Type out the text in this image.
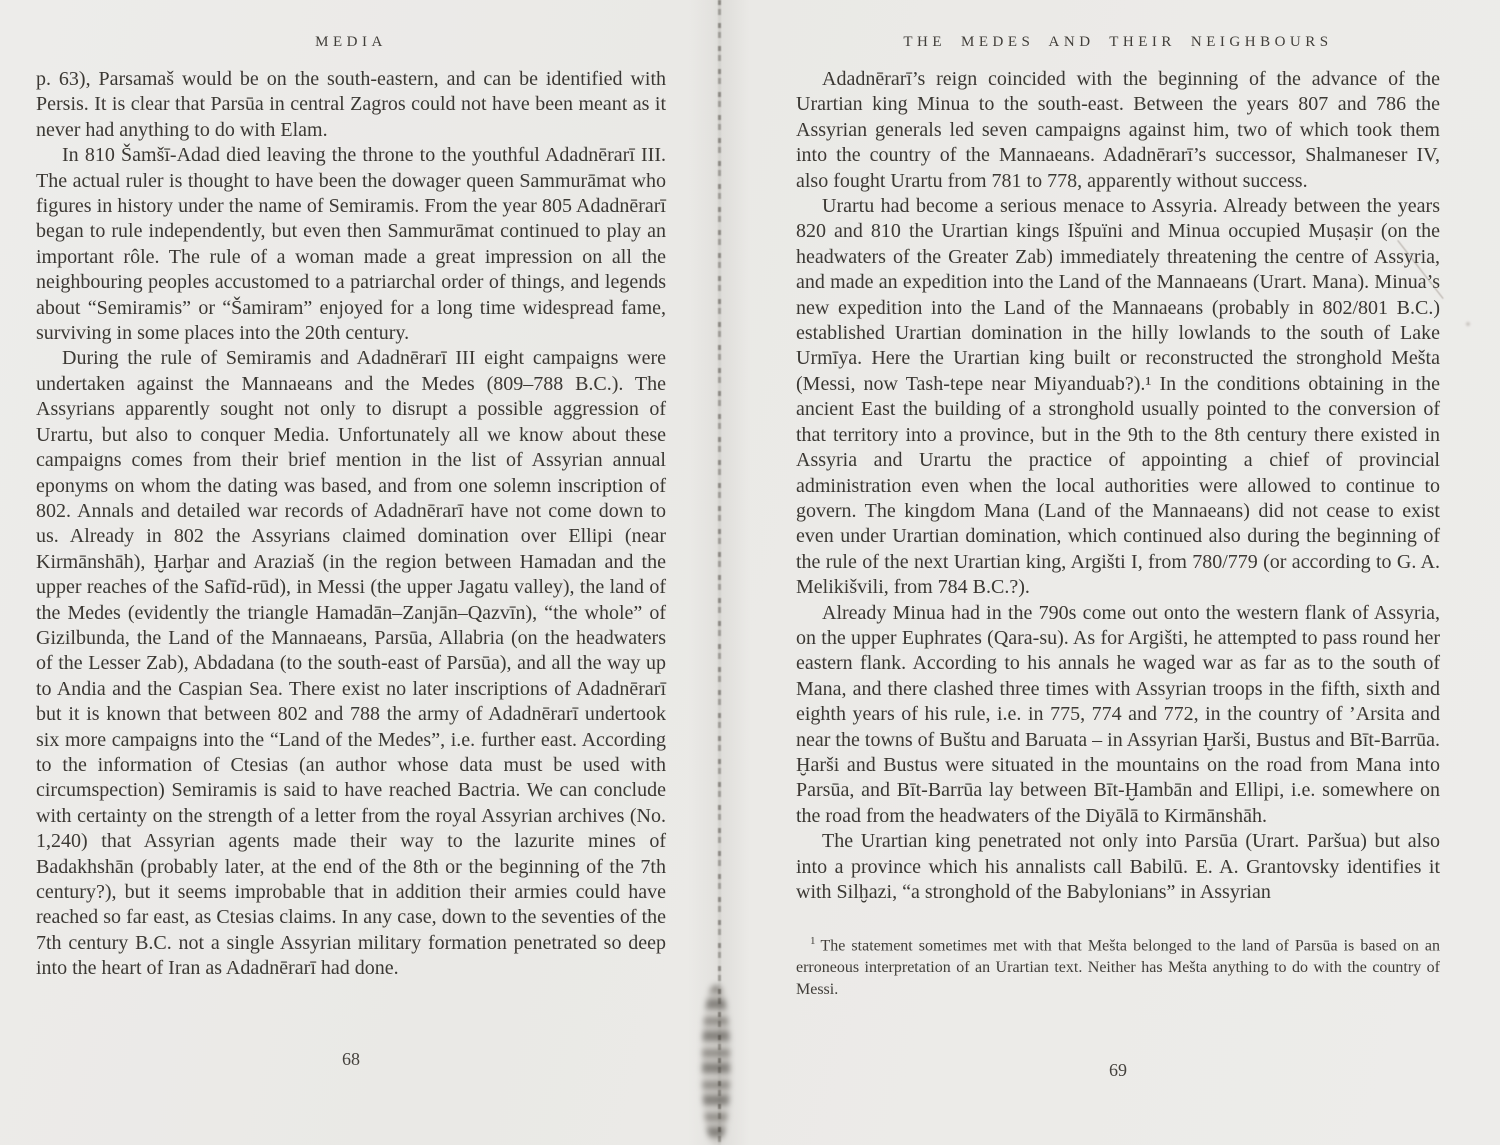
MEDIA

p. 63), Parsamaš would be on the south-eastern, and can be identified with Persis. It is clear that Parsūa in central Zagros could not have been meant as it never had anything to do with Elam.

In 810 Šamšī-Adad died leaving the throne to the youthful Adadnērarī III. The actual ruler is thought to have been the dowager queen Sammurāmat who figures in history under the name of Semiramis. From the year 805 Adadnērarī began to rule independently, but even then Sammurāmat continued to play an important rôle. The rule of a woman made a great impression on all the neighbouring peoples accustomed to a patriarchal order of things, and legends about “Semiramis” or “Šamiram” enjoyed for a long time widespread fame, surviving in some places into the 20th century.

During the rule of Semiramis and Adadnērarī III eight campaigns were undertaken against the Mannaeans and the Medes (809–788 B.C.). The Assyrians apparently sought not only to disrupt a possible aggression of Urartu, but also to conquer Media. Unfortunately all we know about these campaigns comes from their brief mention in the list of Assyrian annual eponyms on whom the dating was based, and from one solemn inscription of 802. Annals and detailed war records of Adadnērarī have not come down to us. Already in 802 the Assyrians claimed domination over Ellipi (near Kirmānshāh), Ḫarḫar and Araziaš (in the region between Hamadan and the upper reaches of the Safīd-rūd), in Messi (the upper Jagatu valley), the land of the Medes (evidently the triangle Hamadān–Zanjān–Qazvīn), “the whole” of Gizilbunda, the Land of the Mannaeans, Parsūa, Allabria (on the headwaters of the Lesser Zab), Abdadana (to the south-east of Parsūa), and all the way up to Andia and the Caspian Sea. There exist no later inscriptions of Adadnērarī but it is known that between 802 and 788 the army of Adadnērarī undertook six more campaigns into the “Land of the Medes”, i.e. further east. According to the information of Ctesias (an author whose data must be used with circumspection) Semiramis is said to have reached Bactria. We can conclude with certainty on the strength of a letter from the royal Assyrian archives (No. 1,240) that Assyrian agents made their way to the lazurite mines of Badakhshān (probably later, at the end of the 8th or the beginning of the 7th century?), but it seems improbable that in addition their armies could have reached so far east, as Ctesias claims. In any case, down to the seventies of the 7th century B.C. not a single Assyrian military formation penetrated so deep into the heart of Iran as Adadnērarī had done.

68
THE MEDES AND THEIR NEIGHBOURS

Adadnērarī’s reign coincided with the beginning of the advance of the Urartian king Minua to the south-east. Between the years 807 and 786 the Assyrian generals led seven campaigns against him, two of which took them into the country of the Mannaeans. Adadnērarī’s successor, Shalmaneser IV, also fought Urartu from 781 to 778, apparently without success.

Urartu had become a serious menace to Assyria. Already between the years 820 and 810 the Urartian kings Išpuïni and Minua occupied Muṣaṣir (on the headwaters of the Greater Zab) immediately threatening the centre of Assyria, and made an expedition into the Land of the Mannaeans (Urart. Mana). Minua’s new expedition into the Land of the Mannaeans (probably in 802/801 B.C.) established Urartian domination in the hilly lowlands to the south of Lake Urmīya. Here the Urartian king built or reconstructed the stronghold Mešta (Messi, now Tash-tepe near Miyanduab?).¹ In the conditions obtaining in the ancient East the building of a stronghold usually pointed to the conversion of that territory into a province, but in the 9th to the 8th century there existed in Assyria and Urartu the practice of appointing a chief of provincial administration even when the local authorities were allowed to continue to govern. The kingdom Mana (Land of the Mannaeans) did not cease to exist even under Urartian domination, which continued also during the beginning of the rule of the next Urartian king, Argišti I, from 780/779 (or according to G. A. Melikišvili, from 784 B.C.?).

Already Minua had in the 790s come out onto the western flank of Assyria, on the upper Euphrates (Qara-su). As for Argišti, he attempted to pass round her eastern flank. According to his annals he waged war as far as to the south of Mana, and there clashed three times with Assyrian troops in the fifth, sixth and eighth years of his rule, i.e. in 775, 774 and 772, in the country of ’Arsita and near the towns of Buštu and Baruata – in Assyrian Ḫarši, Bustus and Bīt-Barrūa. Ḫarši and Bustus were situated in the mountains on the road from Mana into Parsūa, and Bīt-Barrūa lay between Bīt-Ḫambān and Ellipi, i.e. somewhere on the road from the headwaters of the Diyālā to Kirmānshāh.

The Urartian king penetrated not only into Parsūa (Urart. Paršua) but also into a province which his annalists call Babilū. E. A. Grantovsky identifies it with Silḫazi, “a stronghold of the Babylonians” in Assyrian

$^1$ The statement sometimes met with that Mešta belonged to the land of Parsūa is based on an erroneous interpretation of an Urartian text. Neither has Mešta anything to do with the country of Messi.

69
